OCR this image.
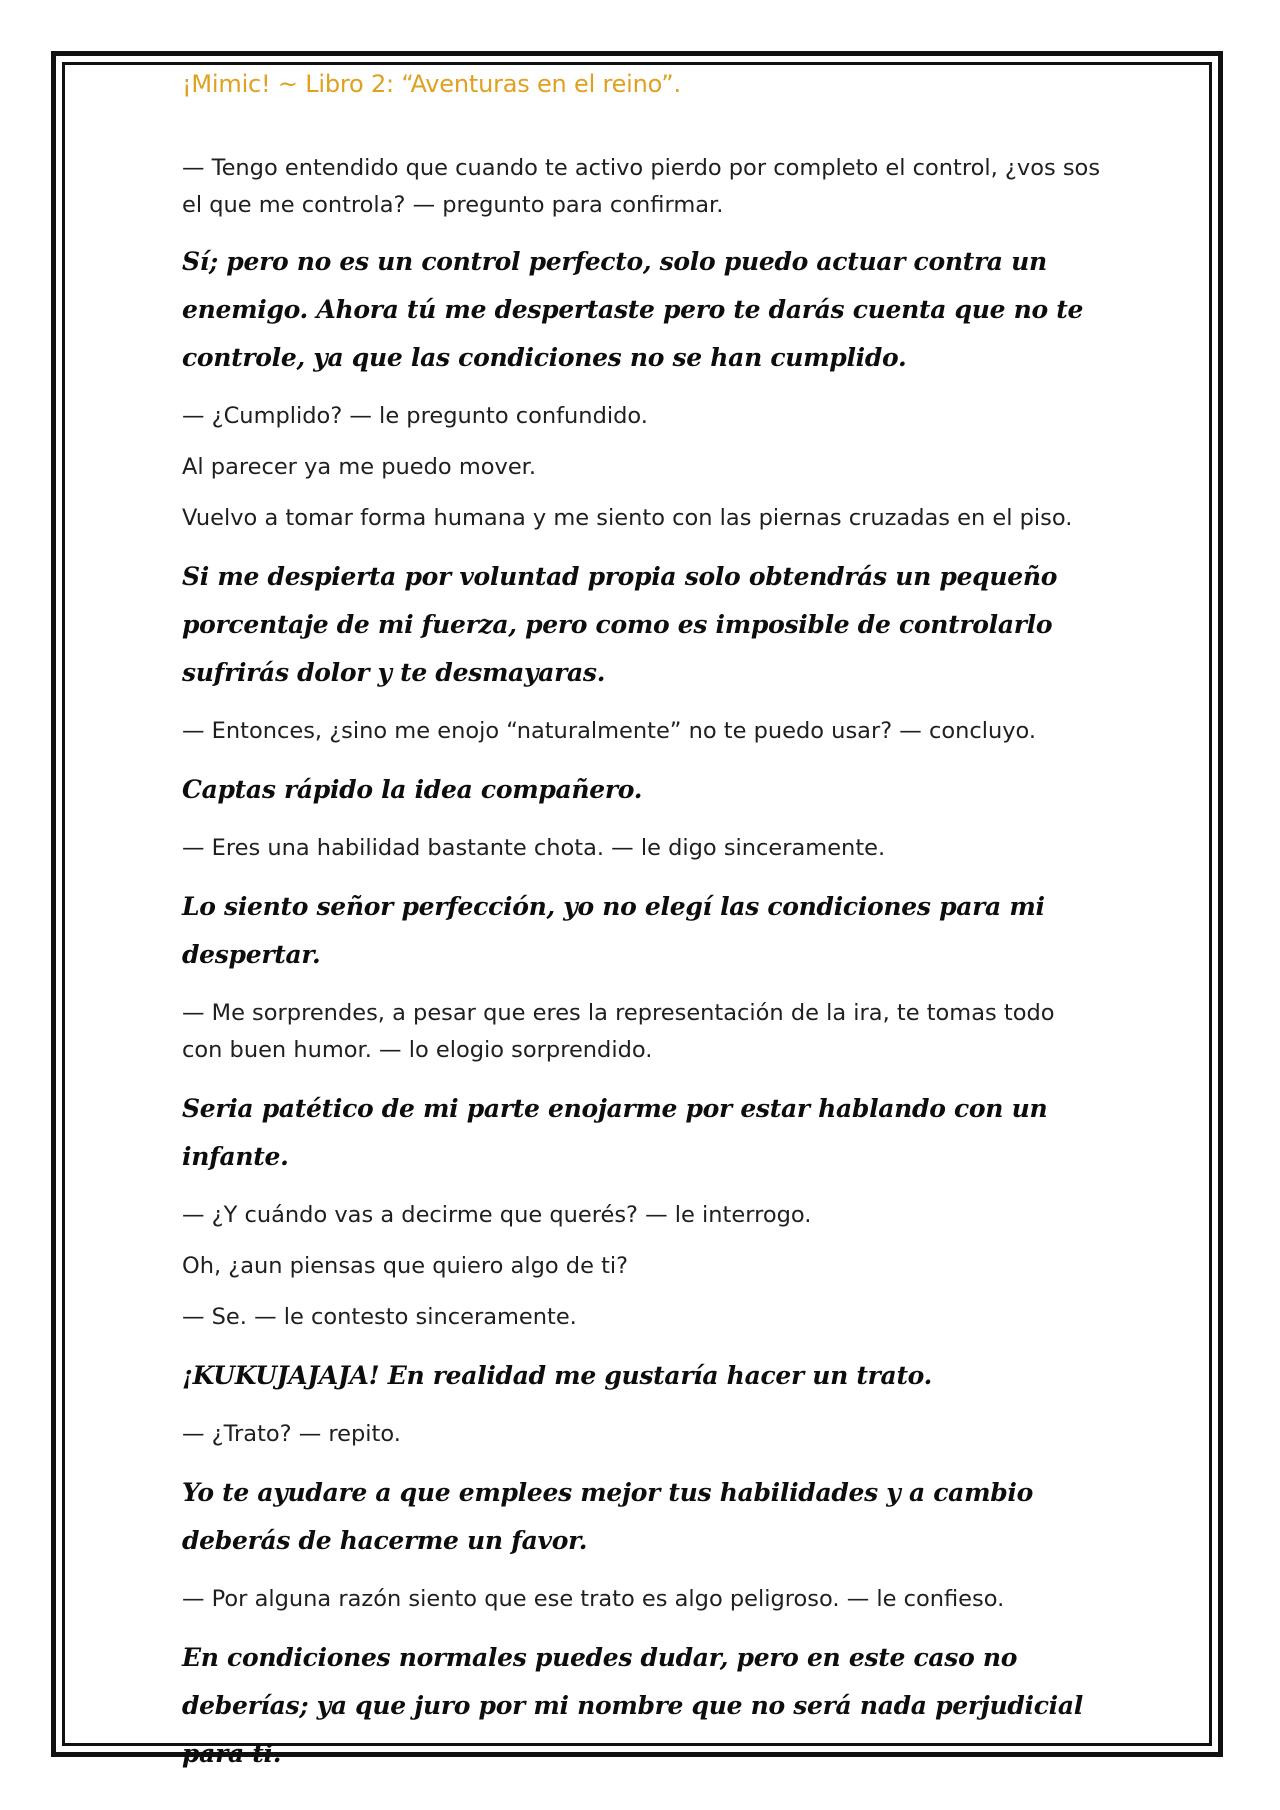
¡Mimic! ~ Libro 2: “Aventuras en el reino”.

— Tengo entendido que cuando te activo pierdo por completo el control, ¿vos sos el que me controla? — pregunto para confirmar.

Sí; pero no es un control perfecto, solo puedo actuar contra un enemigo. Ahora tú me despertaste pero te darás cuenta que no te controle, ya que las condiciones no se han cumplido.

— ¿Cumplido? — le pregunto confundido.

Al parecer ya me puedo mover.

Vuelvo a tomar forma humana y me siento con las piernas cruzadas en el piso.

Si me despierta por voluntad propia solo obtendrás un pequeño porcentaje de mi fuerza, pero como es imposible de controlarlo sufrirás dolor y te desmayaras.

— Entonces, ¿sino me enojo “naturalmente” no te puedo usar? — concluyo.

Captas rápido la idea compañero.

— Eres una habilidad bastante chota. — le digo sinceramente.

Lo siento señor perfección, yo no elegí las condiciones para mi despertar.

— Me sorprendes, a pesar que eres la representación de la ira, te tomas todo con buen humor. — lo elogio sorprendido.

Seria patético de mi parte enojarme por estar hablando con un infante.

— ¿Y cuándo vas a decirme que querés? — le interrogo.

Oh, ¿aun piensas que quiero algo de ti?

— Se. — le contesto sinceramente.

¡KUKUJAJAJA! En realidad me gustaría hacer un trato.

— ¿Trato? — repito.

Yo te ayudare a que emplees mejor tus habilidades y a cambio deberás de hacerme un favor.

— Por alguna razón siento que ese trato es algo peligroso. — le confieso.

En condiciones normales puedes dudar, pero en este caso no deberías; ya que juro por mi nombre que no será nada perjudicial para ti.
